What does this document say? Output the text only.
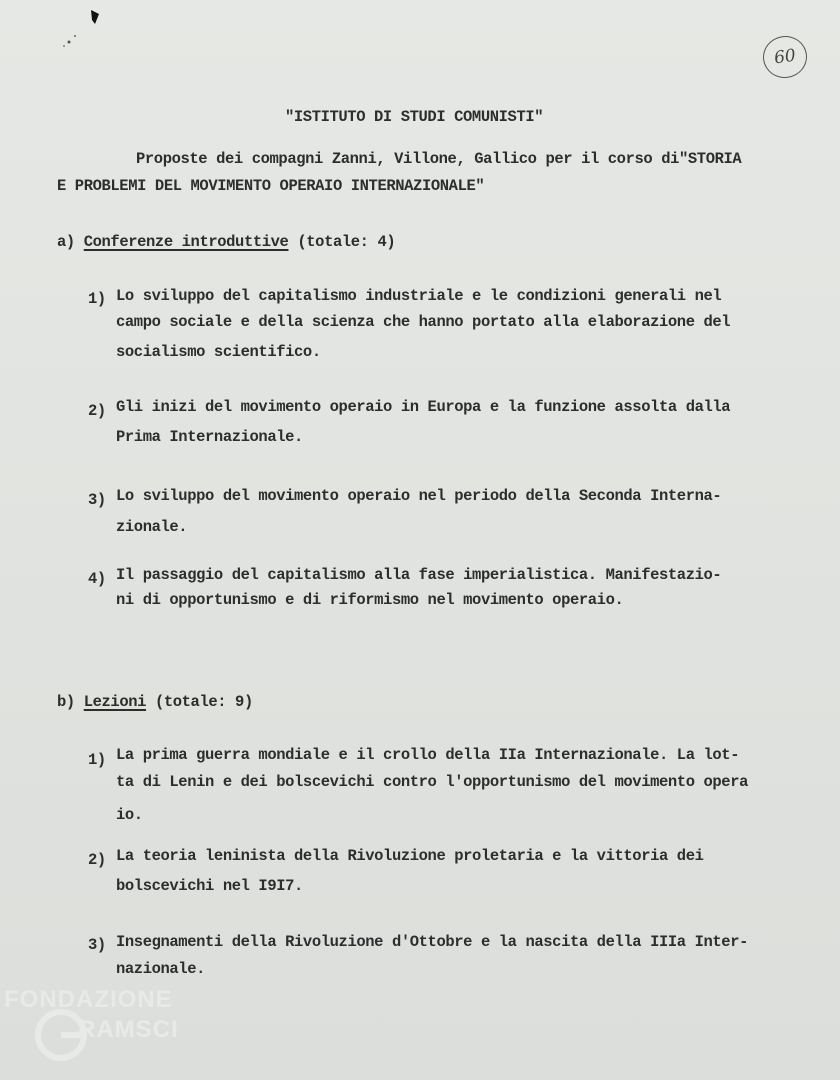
60
"ISTITUTO DI STUDI COMUNISTI"
Proposte dei compagni Zanni, Villone, Gallico per il corso di"STORIA
E PROBLEMI DEL MOVIMENTO OPERAIO INTERNAZIONALE"
a) Conferenze introduttive (totale: 4)
1) Lo sviluppo del capitalismo industriale e le condizioni generali nel
campo sociale e della scienza che hanno portato alla elaborazione del
socialismo scientifico.
2) Gli inizi del movimento operaio in Europa e la funzione assolta dalla
Prima Internazionale.
3) Lo sviluppo del movimento operaio nel periodo della Seconda Interna-
zionale.
4) Il passaggio del capitalismo alla fase imperialistica. Manifestazio-
ni di opportunismo e di riformismo nel movimento operaio.
b) Lezioni (totale: 9)
1) La prima guerra mondiale e il crollo della IIa Internazionale. La lot-
ta di Lenin e dei bolscevichi contro l'opportunismo del movimento opera
io.
2) La teoria leninista della Rivoluzione proletaria e la vittoria dei
bolscevichi nel I9I7.
3) Insegnamenti della Rivoluzione d'Ottobre e la nascita della IIIa Inter-
nazionale.
FONDAZIONE
RAMSCI
